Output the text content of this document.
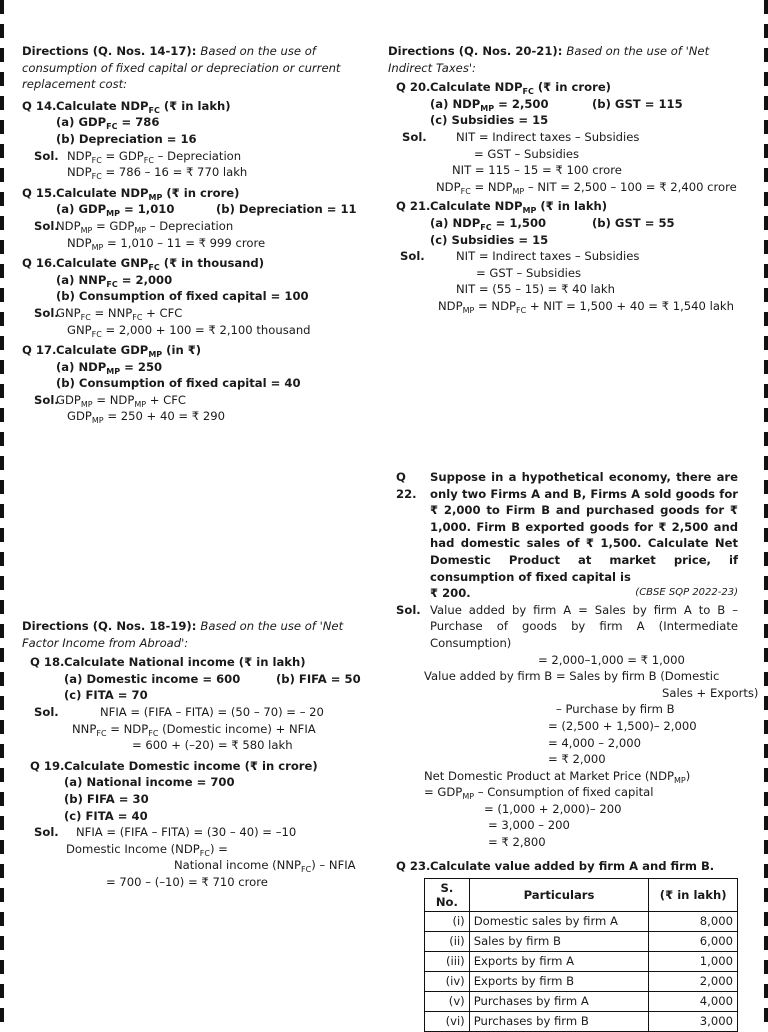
Directions (Q. Nos. 14-17): Based on the use of consumption of fixed capital or depreciation or current replacement cost:

Q 14. Calculate $NDP_{FC}$ (₹ in lakh)

(a) $GDP_{FC} = 786$

(b) Depreciation = 16

Sol. $NDP_{FC} = GDP_{FC}$ – Depreciation

$NDP_{FC} = 786 - 16$ = ₹ 770 lakh

Q 15. Calculate $NDP_{MP}$ (₹ in crore)

(a) $GDP_{MP} = 1,010$	(b) Depreciation = 11

Sol.
$NDP_{MP} = GDP_{MP}$ – Depreciation

$NDP_{MP} = 1,010 - 11$ = ₹ 999 crore

Q 16. Calculate $GNP_{FC}$ (₹ in thousand)

(a) $NNP_{FC} = 2,000$

(b) Consumption of fixed capital = 100

Sol.
$GNP_{FC} = NNP_{FC}$ + CFC

$GNP_{FC} = 2,000 + 100$ = ₹ 2,100 thousand

Q 17. Calculate $GDP_{MP}$ (in ₹)

(a) $NDP_{MP} = 250$

(b) Consumption of fixed capital = 40

Sol.
$GDP_{MP} = NDP_{MP}$ + CFC

$GDP_{MP} = 250 + 40$ = ₹ 290

Directions (Q. Nos. 20-21): Based on the use of 'Net Indirect Taxes':

Q 20. Calculate $NDP_{FC}$ (₹ in crore)

(a) $NDP_{MP} = 2,500$	(b) GST = 115

(c) Subsidies = 15

Sol.	NIT = Indirect taxes – Subsidies

= GST – Subsidies

NIT = 115 – 15 = ₹ 100 crore

$NDP_{FC} = NDP_{MP}$ – NIT = 2,500 – 100 = ₹ 2,400 crore

Q 21. Calculate $NDP_{MP}$ (₹ in lakh)

(a) $NDP_{FC} = 1,500$	(b) GST = 55

(c) Subsidies = 15

Sol.	NIT = Indirect taxes – Subsidies

= GST – Subsidies

NIT = (55 – 15) = ₹ 40 lakh

$NDP_{MP} = NDP_{FC}$ + NIT = 1,500 + 40 = ₹ 1,540 lakh

Directions (Q. Nos. 18-19): Based on the use of 'Net Factor Income from Abroad':

Q 18. Calculate National income (₹ in lakh)

(a) Domestic income = 600	(b) FIFA = 50

(c) FITA = 70

Sol.	NFIA = (FIFA – FITA) = (50 – 70) = – 20

$NNP_{FC} = NDP_{FC}$ (Domestic income) + NFIA

= 600 + (–20) = ₹ 580 lakh

Q 19. Calculate Domestic income (₹ in crore)

(a) National income = 700

(b) FIFA = 30

(c) FITA = 40

Sol.	NFIA = (FIFA – FITA) = (30 – 40) = –10

Domestic Income $(NDP_{FC})$ =

National income $(NNP_{FC})$ – NFIA

= 700 – (–10) = ₹ 710 crore

Q 22.
Suppose in a hypothetical economy, there are only two Firms A and B, Firms A sold goods for ₹ 2,000 to Firm B and purchased goods for ₹ 1,000. Firm B exported goods for ₹ 2,500 and had domestic sales of ₹ 1,500. Calculate Net Domestic Product at market price, if consumption of fixed capital is
₹ 200.	(CBSE SQP 2022-23)
Sol. Value added by firm A = Sales by firm A to B – Purchase of goods by firm A (Intermediate Consumption)

= 2,000–1,000 = ₹ 1,000

Value added by firm B = Sales by firm B (Domestic

Sales + Exports)

– Purchase by firm B

= (2,500 + 1,500)– 2,000

= 4,000 – 2,000

= ₹ 2,000

Net Domestic Product at Market Price $(NDP_{MP})$

= $GDP_{MP}$ – Consumption of fixed capital

= (1,000 + 2,000)– 200

= 3,000 – 200

= ₹ 2,800

Q 23. Calculate value added by firm A and firm B.

S. No.	Particulars	(₹ in lakh)
(i)	Domestic sales by firm A	8,000
(ii)	Sales by firm B	6,000
(iii)	Exports by firm A	1,000
(iv)	Exports by firm B	2,000
(v)	Purchases by firm A	4,000
(vi)	Purchases by firm B	3,000
